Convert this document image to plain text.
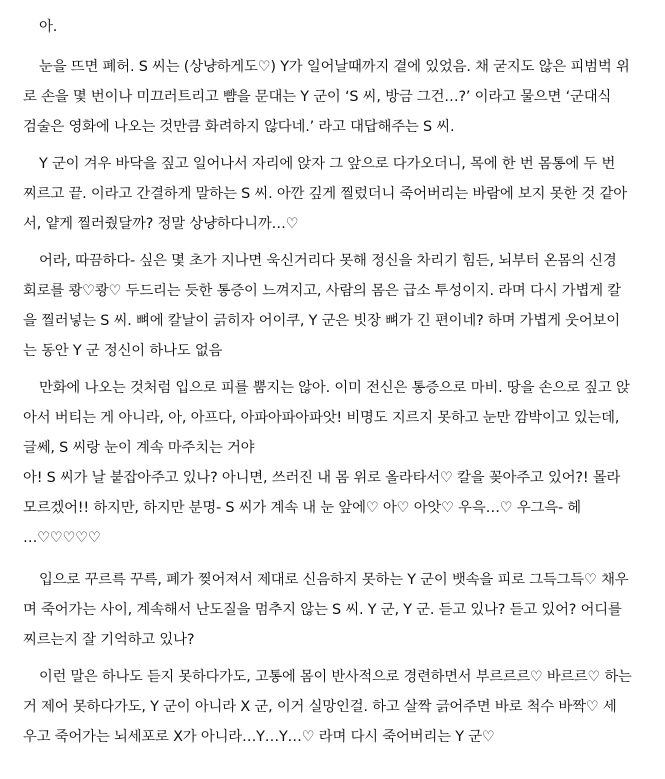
아.
눈을 뜨면 폐허. S 씨는 (상냥하게도♡) Y가 일어날때까지 곁에 있었음. 채 굳지도 않은 피범벅 위
로 손을 몇 번이나 미끄러트리고 뺨을 문대는 Y 군이 ‘S 씨, 방금 그건…?’ 이라고 물으면 ‘군대식
검술은 영화에 나오는 것만큼 화려하지 않다네.’ 라고 대답해주는 S 씨.
Y 군이 겨우 바닥을 짚고 일어나서 자리에 앉자 그 앞으로 다가오더니, 목에 한 번 몸통에 두 번
찌르고 끝. 이라고 간결하게 말하는 S 씨. 아깐 깊게 찔렀더니 죽어버리는 바람에 보지 못한 것 같아
서, 얕게 찔러줬달까? 정말 상냥하다니까…♡
어라, 따끔하다- 싶은 몇 초가 지나면 욱신거리다 못해 정신을 차리기 힘든, 뇌부터 온몸의 신경
회로를 쾅♡쾅♡ 두드리는 듯한 통증이 느껴지고, 사람의 몸은 급소 투성이지. 라며 다시 가볍게 칼
을 찔러넣는 S 씨. 뼈에 칼날이 긁히자 어이쿠, Y 군은 빗장 뼈가 긴 편이네? 하며 가볍게 웃어보이
는 동안 Y 군 정신이 하나도 없음
만화에 나오는 것처럼 입으로 피를 뿜지는 않아. 이미 전신은 통증으로 마비. 땅을 손으로 짚고 앉
아서 버티는 게 아니라, 아, 아프다, 아파아파아파앗! 비명도 지르지 못하고 눈만 깜박이고 있는데,
글쎄, S 씨랑 눈이 계속 마주치는 거야
아! S 씨가 날 붙잡아주고 있나? 아니면, 쓰러진 내 몸 위로 올라타서♡ 칼을 꽂아주고 있어?! 몰라
모르겠어!! 하지만, 하지만 분명- S 씨가 계속 내 눈 앞에♡ 아♡ 아앗♡ 우윽…♡ 우그윽- 헤
…♡♡♡♡♡
입으로 꾸르륵 꾸륵, 폐가 찢어져서 제대로 신음하지 못하는 Y 군이 뱃속을 피로 그득그득♡ 채우
며 죽어가는 사이, 계속해서 난도질을 멈추지 않는 S 씨. Y 군, Y 군. 듣고 있나? 듣고 있어? 어디를
찌르는지 잘 기억하고 있나?
이런 말은 하나도 듣지 못하다가도, 고통에 몸이 반사적으로 경련하면서 부르르르♡ 바르르♡ 하는
거 제어 못하다가도, Y 군이 아니라 X 군, 이거 실망인걸. 하고 살짝 긁어주면 바로 척수 바짝♡ 세
우고 죽어가는 뇌세포로 X가 아니라…Y…Y…♡ 라며 다시 죽어버리는 Y 군♡
